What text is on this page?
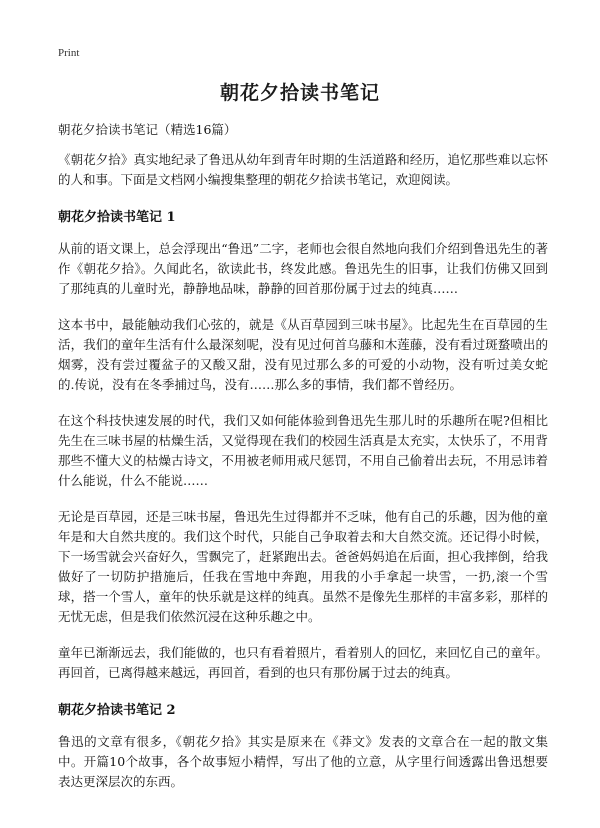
Print
朝花夕拾读书笔记
朝花夕拾读书笔记（精选16篇）

《朝花夕拾》真实地纪录了鲁迅从幼年到青年时期的生活道路和经历，追忆那些难以忘怀的人和事。下面是文档网小编搜集整理的朝花夕拾读书笔记，欢迎阅读。

朝花夕拾读书笔记 1

从前的语文课上，总会浮现出“鲁迅”二字，老师也会很自然地向我们介绍到鲁迅先生的著作《朝花夕拾》。久闻此名，欲读此书，终发此感。鲁迅先生的旧事，让我们仿佛又回到了那纯真的儿童时光，静静地品味，静静的回首那份属于过去的纯真……

这本书中，最能触动我们心弦的，就是《从百草园到三味书屋》。比起先生在百草园的生活，我们的童年生活有什么最深刻呢，没有见过何首乌藤和木莲藤，没有看过斑蝥喷出的烟雾，没有尝过覆盆子的又酸又甜，没有见过那么多的可爱的小动物，没有听过美女蛇的.传说，没有在冬季捕过鸟，没有……那么多的事情，我们都不曾经历。

在这个科技快速发展的时代，我们又如何能体验到鲁迅先生那儿时的乐趣所在呢?但相比先生在三味书屋的枯燥生活，又觉得现在我们的校园生活真是太充实，太快乐了，不用背那些不懂大义的枯燥古诗文，不用被老师用戒尺惩罚，不用自己偷着出去玩，不用忌讳着什么能说，什么不能说……

无论是百草园，还是三味书屋，鲁迅先生过得都并不乏味，他有自己的乐趣，因为他的童年是和大自然共度的。我们这个时代，只能自己争取着去和大自然交流。还记得小时候，下一场雪就会兴奋好久，雪飘完了，赶紧跑出去。爸爸妈妈追在后面，担心我摔倒，给我做好了一切防护措施后，任我在雪地中奔跑，用我的小手拿起一块雪，一扔,滚一个雪球，搭一个雪人，童年的快乐就是这样的纯真。虽然不是像先生那样的丰富多彩，那样的无忧无虑，但是我们依然沉浸在这种乐趣之中。

童年已渐渐远去，我们能做的，也只有看着照片，看着别人的回忆，来回忆自己的童年。再回首，已离得越来越远，再回首，看到的也只有那份属于过去的纯真。

朝花夕拾读书笔记 2

鲁迅的文章有很多，《朝花夕拾》其实是原来在《莽文》发表的文章合在一起的散文集中。开篇10个故事，各个故事短小精悍，写出了他的立意，从字里行间透露出鲁迅想要表达更深层次的东西。
